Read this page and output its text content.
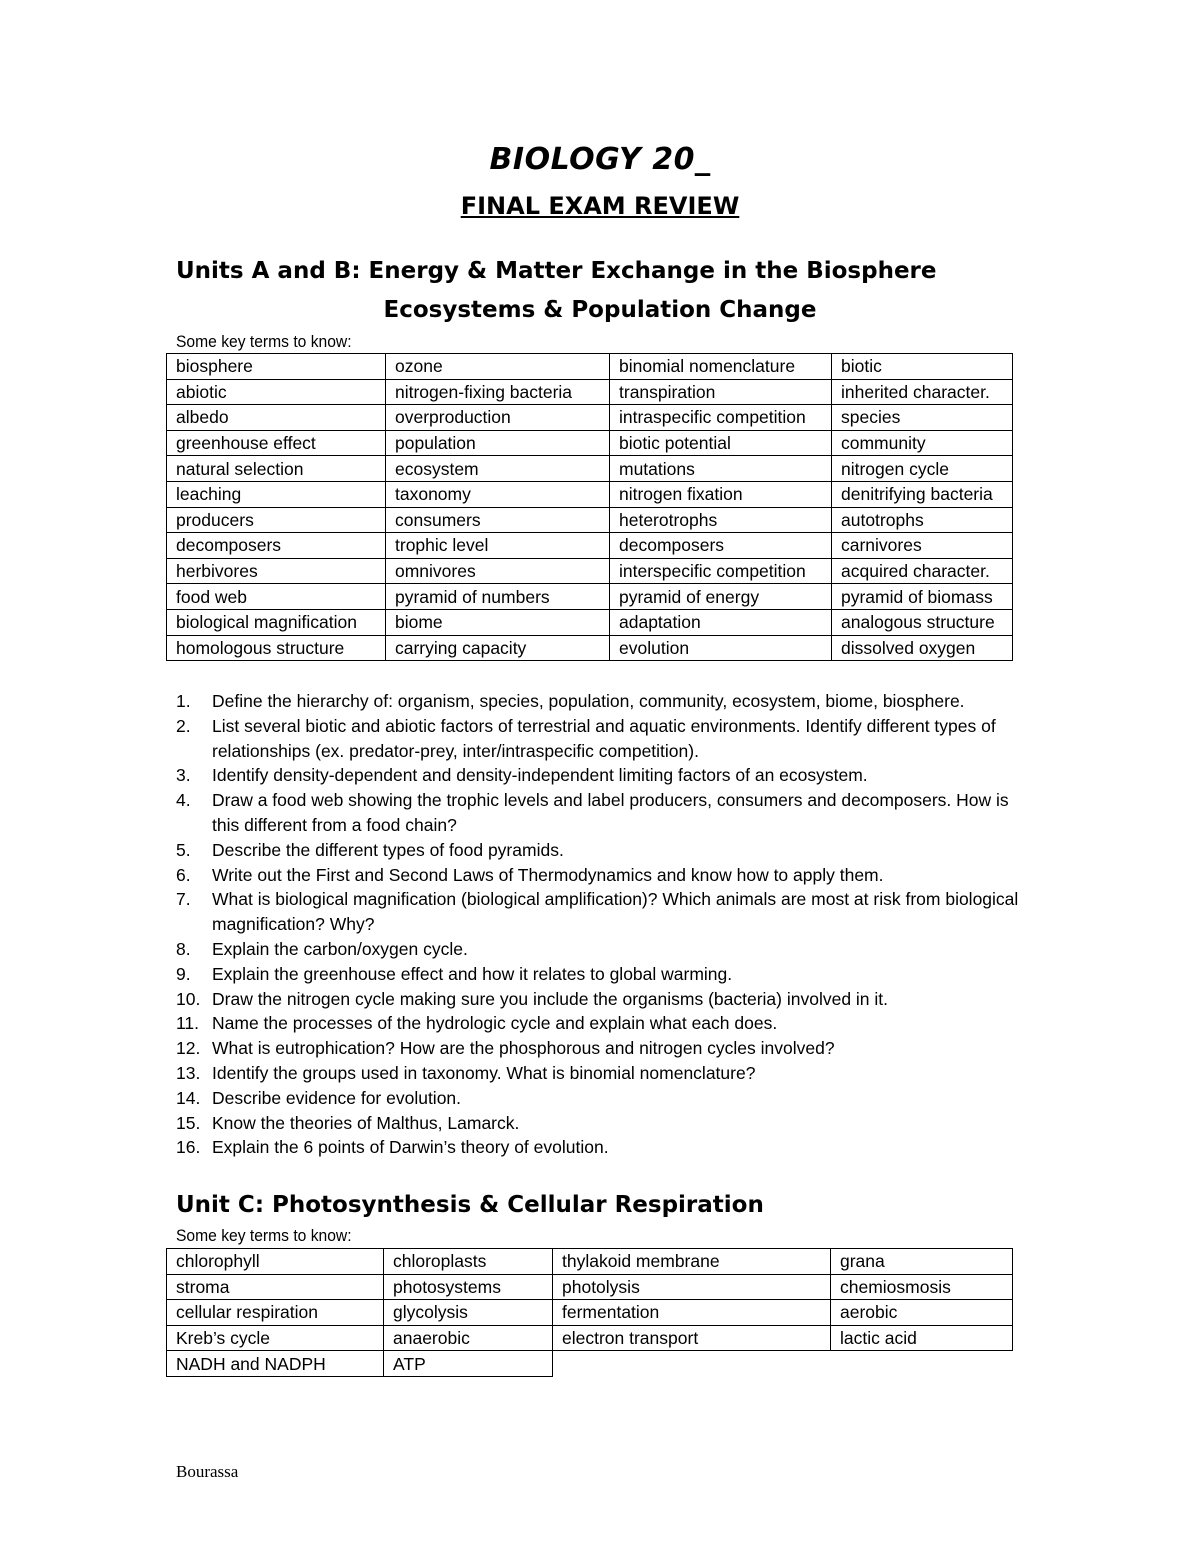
BIOLOGY 20_
FINAL EXAM REVIEW
Units A and B: Energy & Matter Exchange in the Biosphere
Ecosystems & Population Change

Some key terms to know:

biosphere	ozone	binomial nomenclature	biotic
abiotic	nitrogen-fixing bacteria	transpiration	inherited character.
albedo	overproduction	intraspecific competition	species
greenhouse effect	population	biotic potential	community
natural selection	ecosystem	mutations	nitrogen cycle
leaching	taxonomy	nitrogen fixation	denitrifying bacteria
producers	consumers	heterotrophs	autotrophs
decomposers	trophic level	decomposers	carnivores
herbivores	omnivores	interspecific competition	acquired character.
food web	pyramid of numbers	pyramid of energy	pyramid of biomass
biological magnification	biome	adaptation	analogous structure
homologous structure	carrying capacity	evolution	dissolved oxygen
1. Define the hierarchy of: organism, species, population, community, ecosystem, biome, biosphere.
2. List several biotic and abiotic factors of terrestrial and aquatic environments. Identify different types of relationships (ex. predator-prey, inter/intraspecific competition).
3. Identify density-dependent and density-independent limiting factors of an ecosystem.
4. Draw a food web showing the trophic levels and label producers, consumers and decomposers. How is this different from a food chain?
5. Describe the different types of food pyramids.
6. Write out the First and Second Laws of Thermodynamics and know how to apply them.
7. What is biological magnification (biological amplification)? Which animals are most at risk from biological magnification? Why?
8. Explain the carbon/oxygen cycle.
9. Explain the greenhouse effect and how it relates to global warming.
10. Draw the nitrogen cycle making sure you include the organisms (bacteria) involved in it.
11. Name the processes of the hydrologic cycle and explain what each does.
12. What is eutrophication? How are the phosphorous and nitrogen cycles involved?
13. Identify the groups used in taxonomy. What is binomial nomenclature?
14. Describe evidence for evolution.
15. Know the theories of Malthus, Lamarck.
16. Explain the 6 points of Darwin’s theory of evolution.
Unit C: Photosynthesis & Cellular Respiration

Some key terms to know:

chlorophyll	chloroplasts	thylakoid membrane	grana
stroma	photosystems	photolysis	chemiosmosis
cellular respiration	glycolysis	fermentation	aerobic
Kreb’s cycle	anaerobic	electron transport	lactic acid
NADH and NADPH	ATP		
Bourassa
